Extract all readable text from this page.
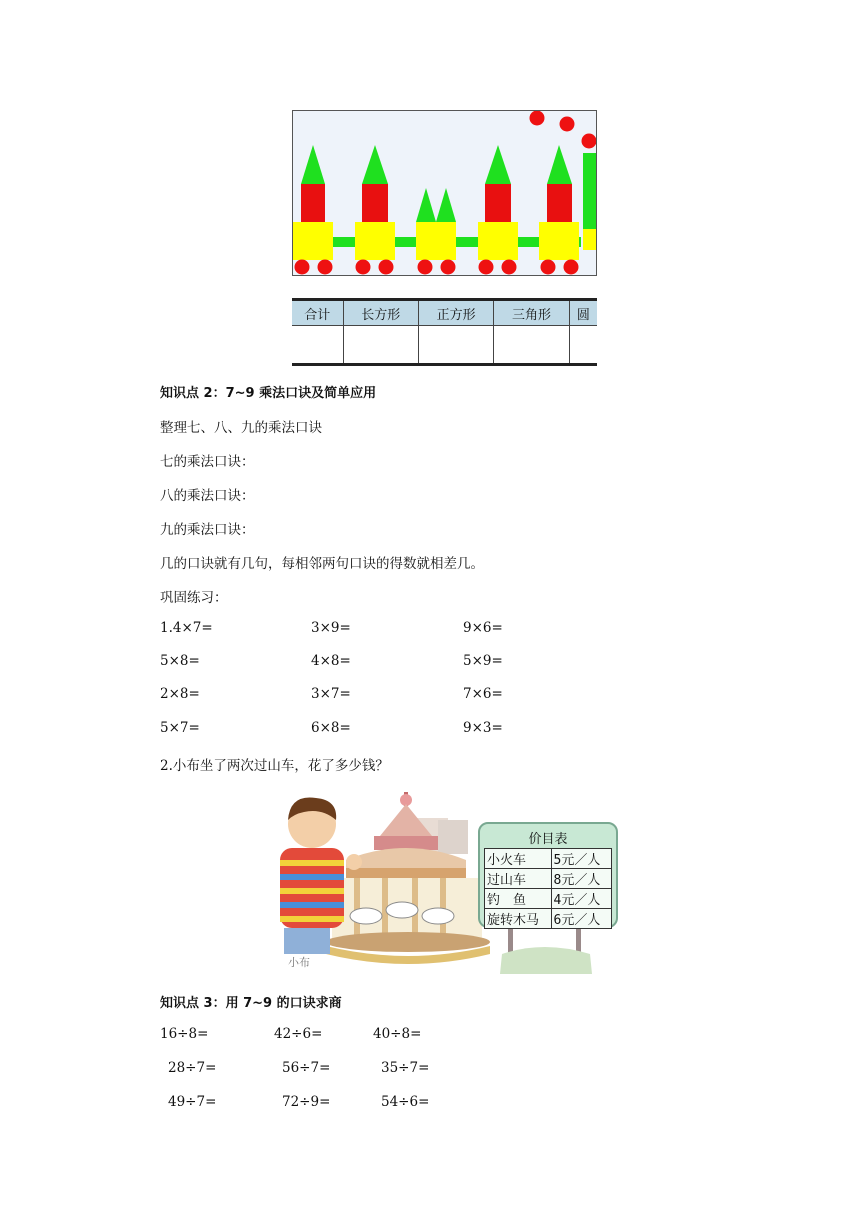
合计	长方形	正方形	三角形	圆

知识点 2：7~9 乘法口诀及简单应用
整理七、八、九的乘法口诀
七的乘法口诀：
八的乘法口诀：
九的乘法口诀：
几的口诀就有几句，每相邻两句口诀的得数就相差几。
巩固练习：
1.4×7=	3×9=	9×6=
5×8=	4×8=	5×9=
2×8=	3×7=	7×6=
5×7=	6×8=	9×3=
2.小布坐了两次过山车，花了多少钱？
小布
价目表
小火车	5元／人
过山车	8元／人
钓　鱼	4元／人
旋转木马	6元／人
知识点 3：用 7~9 的口诀求商
16÷8=	42÷6=	40÷8=
28÷7=	56÷7=	35÷7=
49÷7=	72÷9=	54÷6=
